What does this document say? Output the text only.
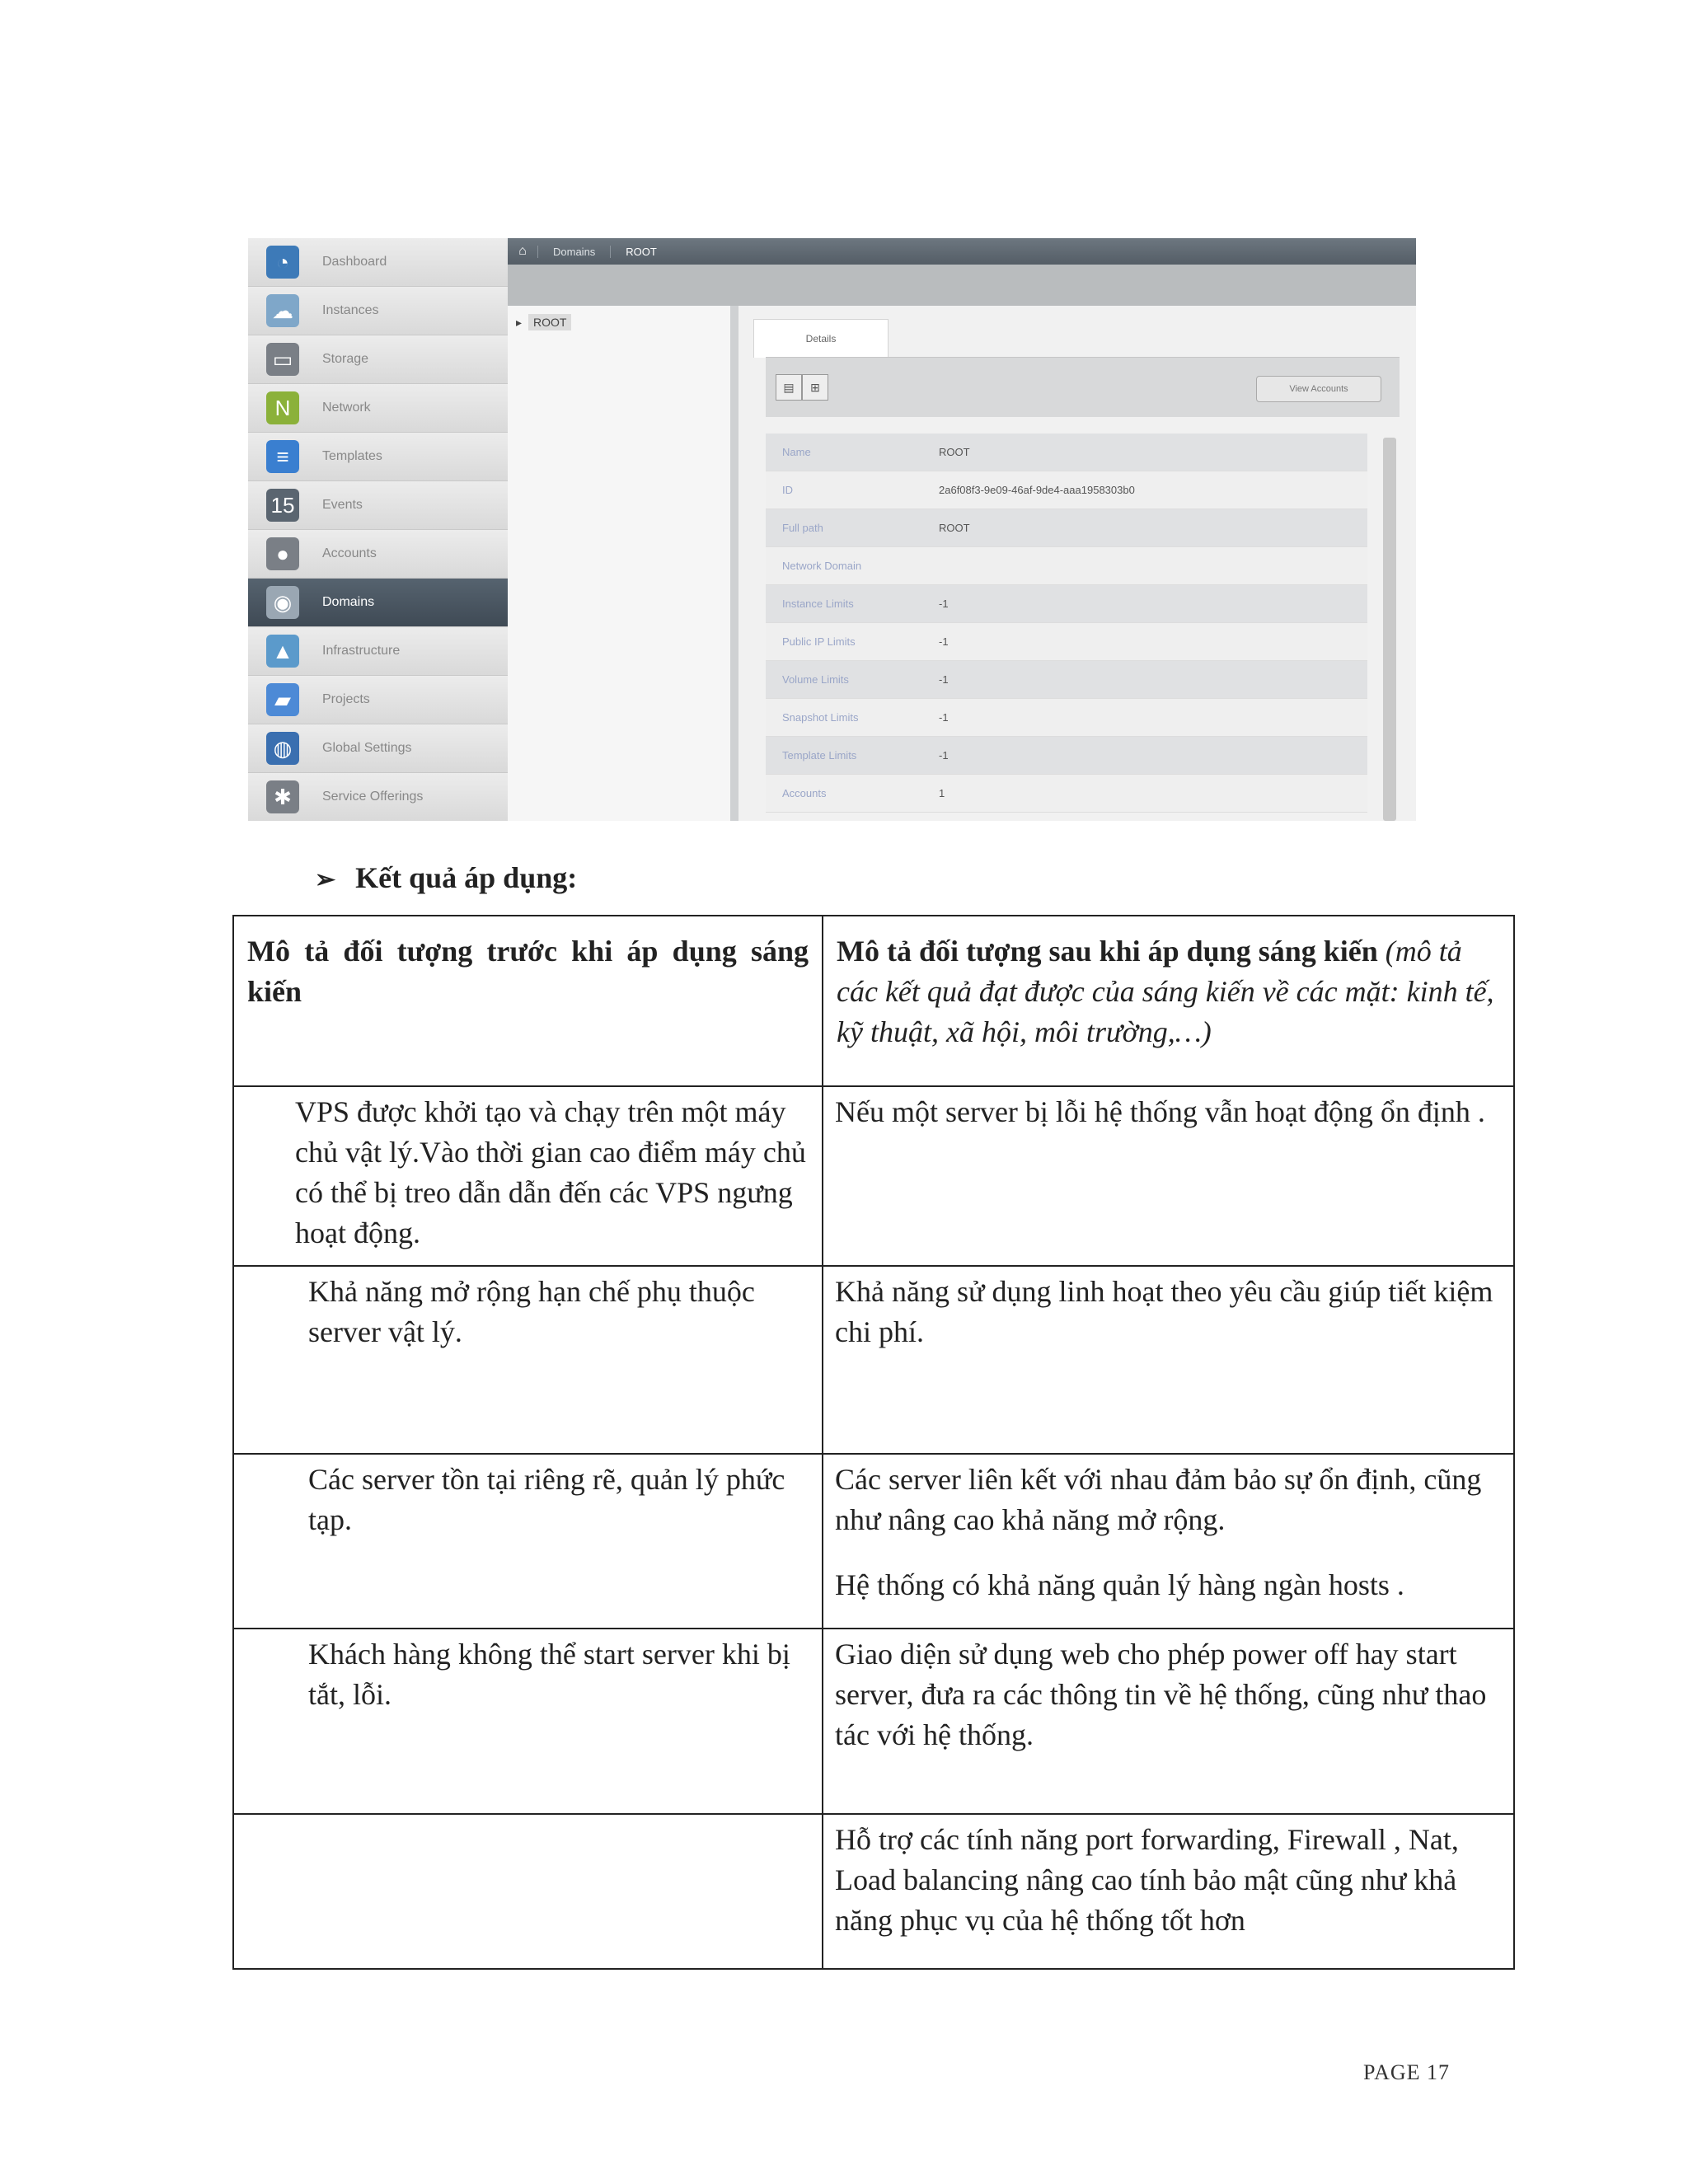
◔	Dashboard
☁	Instances
▭	Storage
N	Network
≡	Templates
15	Events
●	Accounts
◉	Domains
▲	Infrastructure
▰	Projects
◍	Global Settings
✱	Service Offerings
⌂	Domains	ROOT
▸ ROOT
Details
▤	⊞	View Accounts
Name	ROOT
ID	2a6f08f3-9e09-46af-9de4-aaa1958303b0
Full path	ROOT
Network Domain
Instance Limits	-1
Public IP Limits	-1
Volume Limits	-1
Snapshot Limits	-1
Template Limits	-1
Accounts	1
➢ Kết quả áp dụng:
Mô tả đối tượng trước khi áp dụng sáng kiến	Mô tả đối tượng sau khi áp dụng sáng kiến (mô tả các kết quả đạt được của sáng kiến về các mặt: kinh tế, kỹ thuật, xã hội, môi trường,…)
VPS được khởi tạo và chạy trên một máy chủ vật lý.Vào thời gian cao điểm máy chủ có thể bị treo dẫn dẫn đến các VPS ngưng hoạt động.	Nếu một server bị lỗi hệ thống vẫn hoạt động ổn định .
Khả năng mở rộng hạn chế phụ thuộc server vật lý.	Khả năng sử dụng linh hoạt theo yêu cầu giúp tiết kiệm chi phí.
Các server tồn tại riêng rẽ, quản lý phức tạp.	Các server liên kết với nhau đảm bảo sự ổn định, cũng như nâng cao khả năng mở rộng.
Hệ thống có khả năng quản lý hàng ngàn hosts .

Khách hàng không thể start server khi bị tắt, lỗi.	Giao diện sử dụng web cho phép power off hay start server, đưa ra các thông tin về hệ thống, cũng như thao tác với hệ thống.
	Hỗ trợ các tính năng port forwarding, Firewall , Nat, Load balancing nâng cao tính bảo mật cũng như khả năng phục vụ của hệ thống tốt hơn
PAGE 17
